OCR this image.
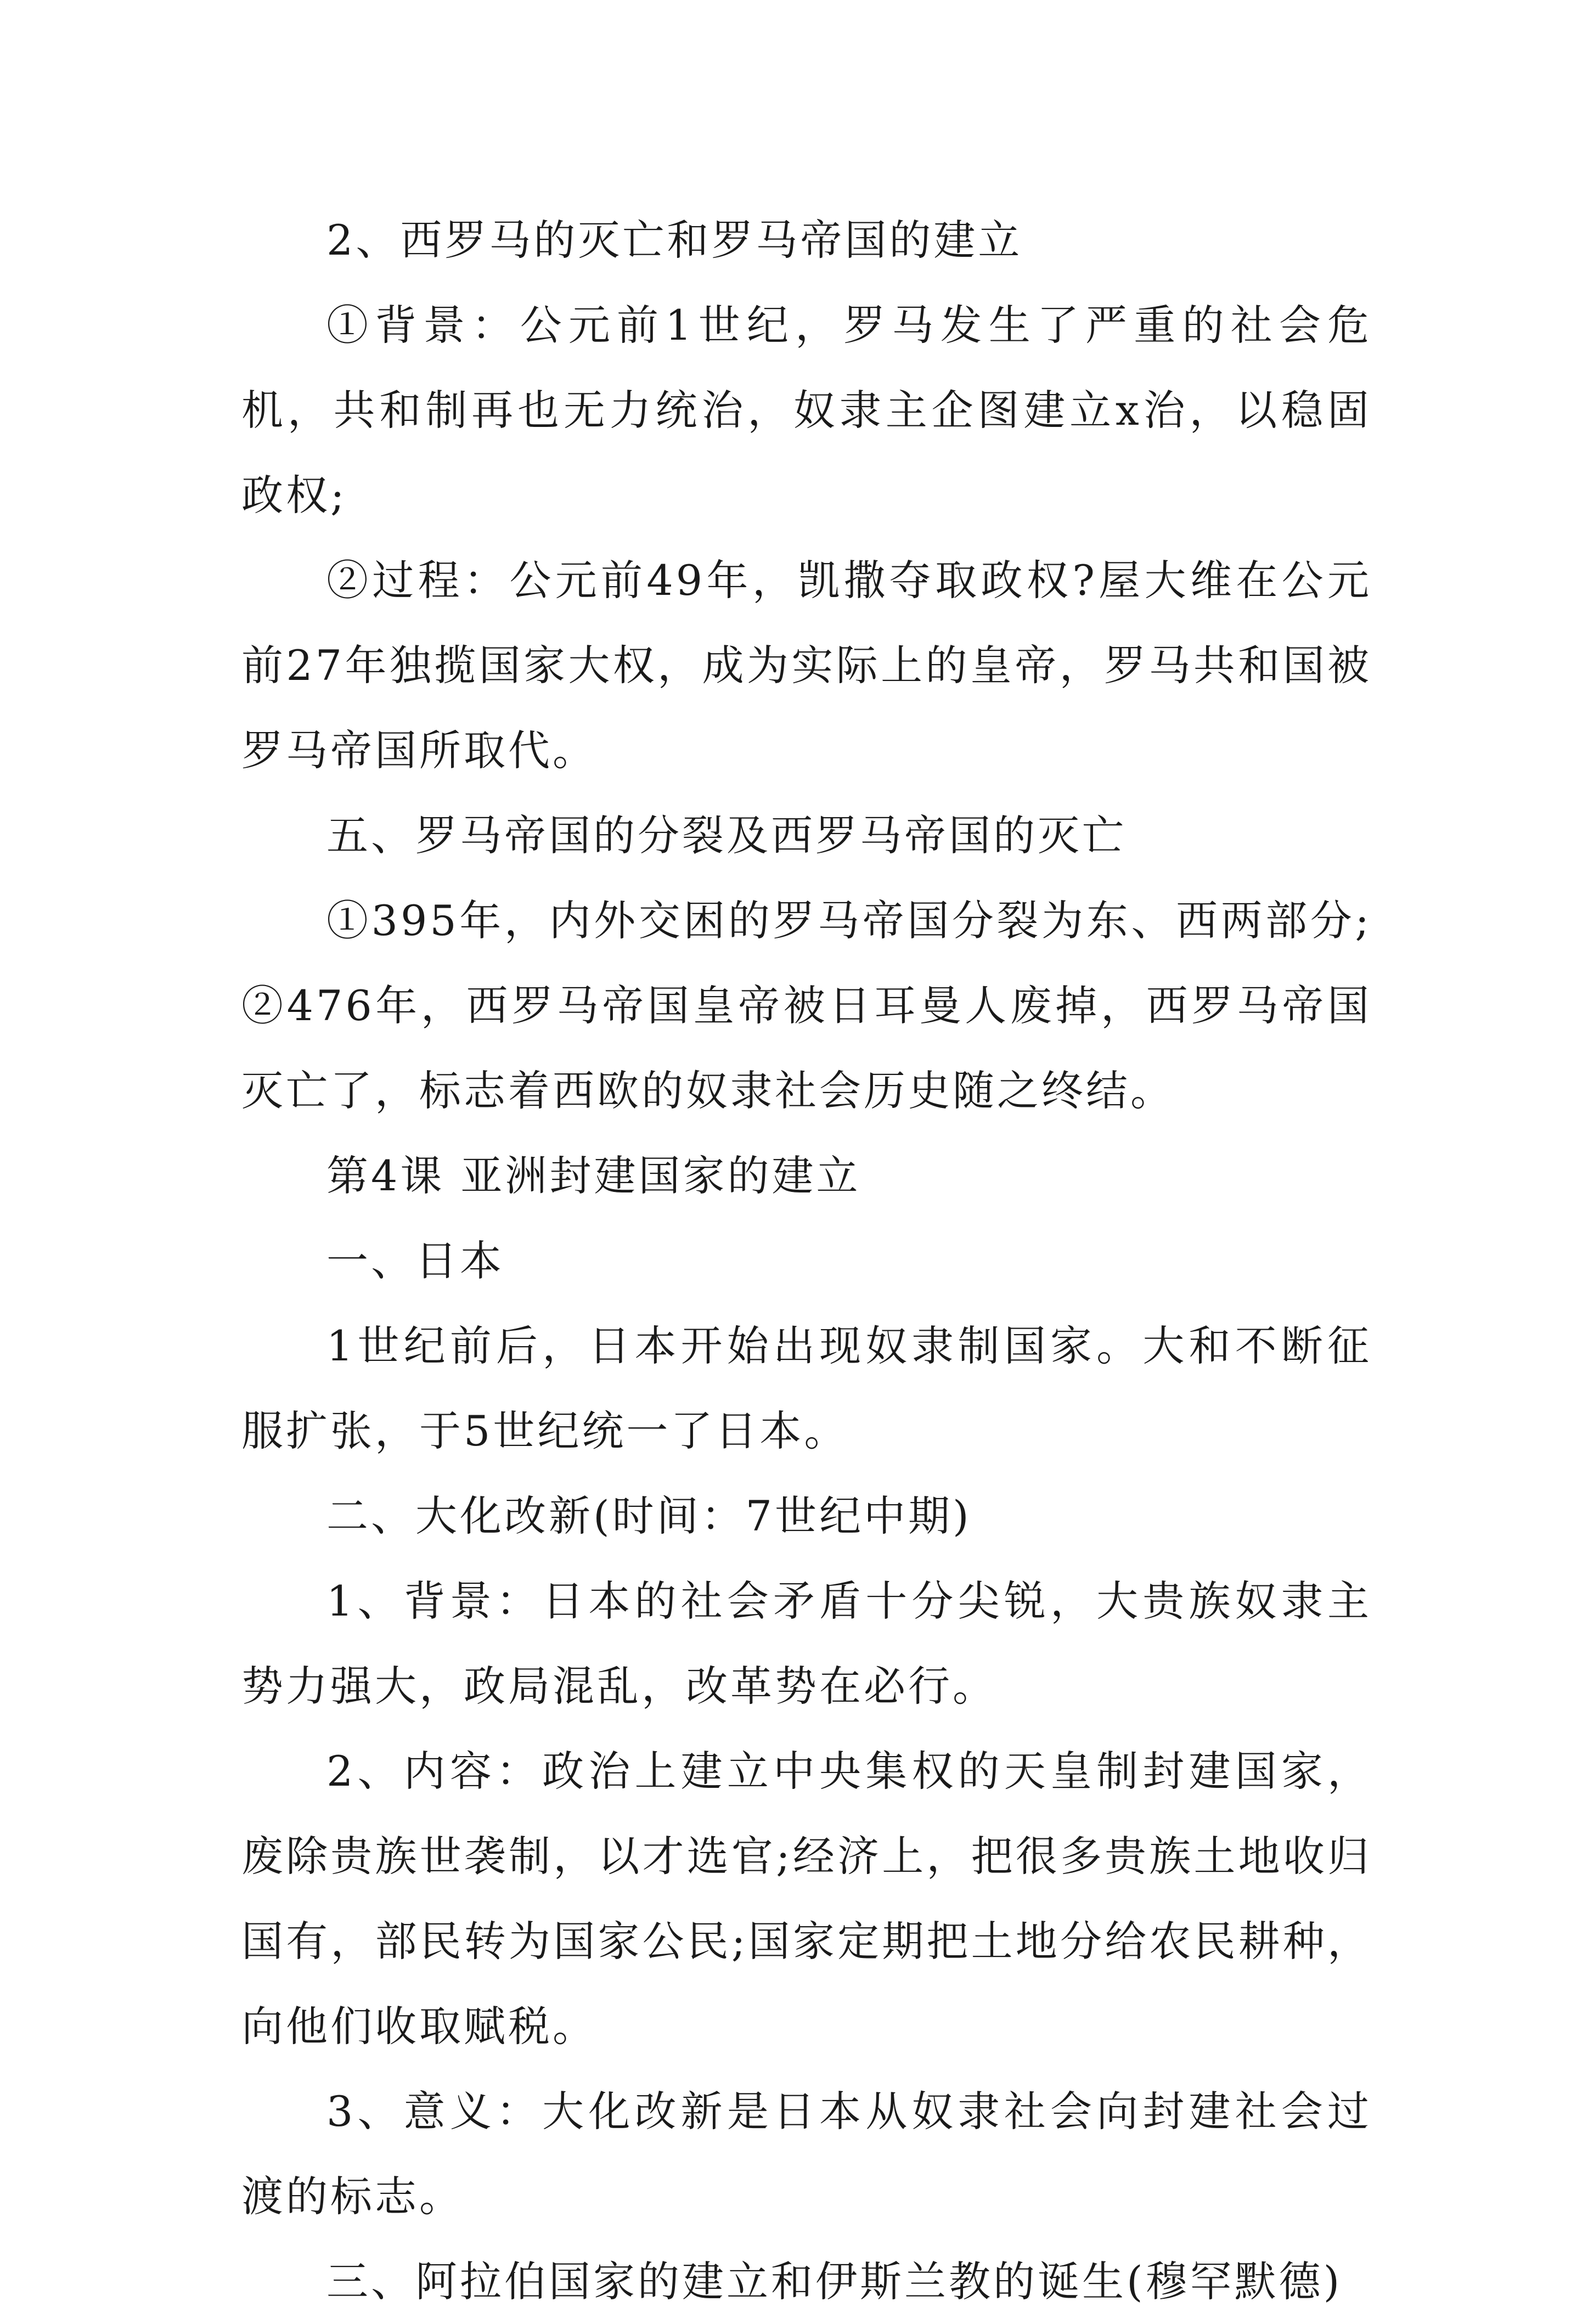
2、西罗马的灭亡和罗马帝国的建立

①背景：公元前1世纪，罗马发生了严重的社会危机，共和制再也无力统治，奴隶主企图建立x治，以稳固政权;

②过程：公元前49年，凯撒夺取政权?屋大维在公元前27年独揽国家大权，成为实际上的皇帝，罗马共和国被罗马帝国所取代。

五、罗马帝国的分裂及西罗马帝国的灭亡

①395年，内外交困的罗马帝国分裂为东、西两部分;②476年，西罗马帝国皇帝被日耳曼人废掉，西罗马帝国灭亡了，标志着西欧的奴隶社会历史随之终结。

第4课 亚洲封建国家的建立

一、日本

1世纪前后，日本开始出现奴隶制国家。大和不断征服扩张，于5世纪统一了日本。

二、大化改新(时间：7世纪中期)

1、背景：日本的社会矛盾十分尖锐，大贵族奴隶主势力强大，政局混乱，改革势在必行。

2、内容：政治上建立中央集权的天皇制封建国家，废除贵族世袭制，以才选官;经济上，把很多贵族土地收归国有，部民转为国家公民;国家定期把土地分给农民耕种，向他们收取赋税。

3、意义：大化改新是日本从奴隶社会向封建社会过渡的标志。

三、阿拉伯国家的建立和伊斯兰教的诞生(穆罕默德)
